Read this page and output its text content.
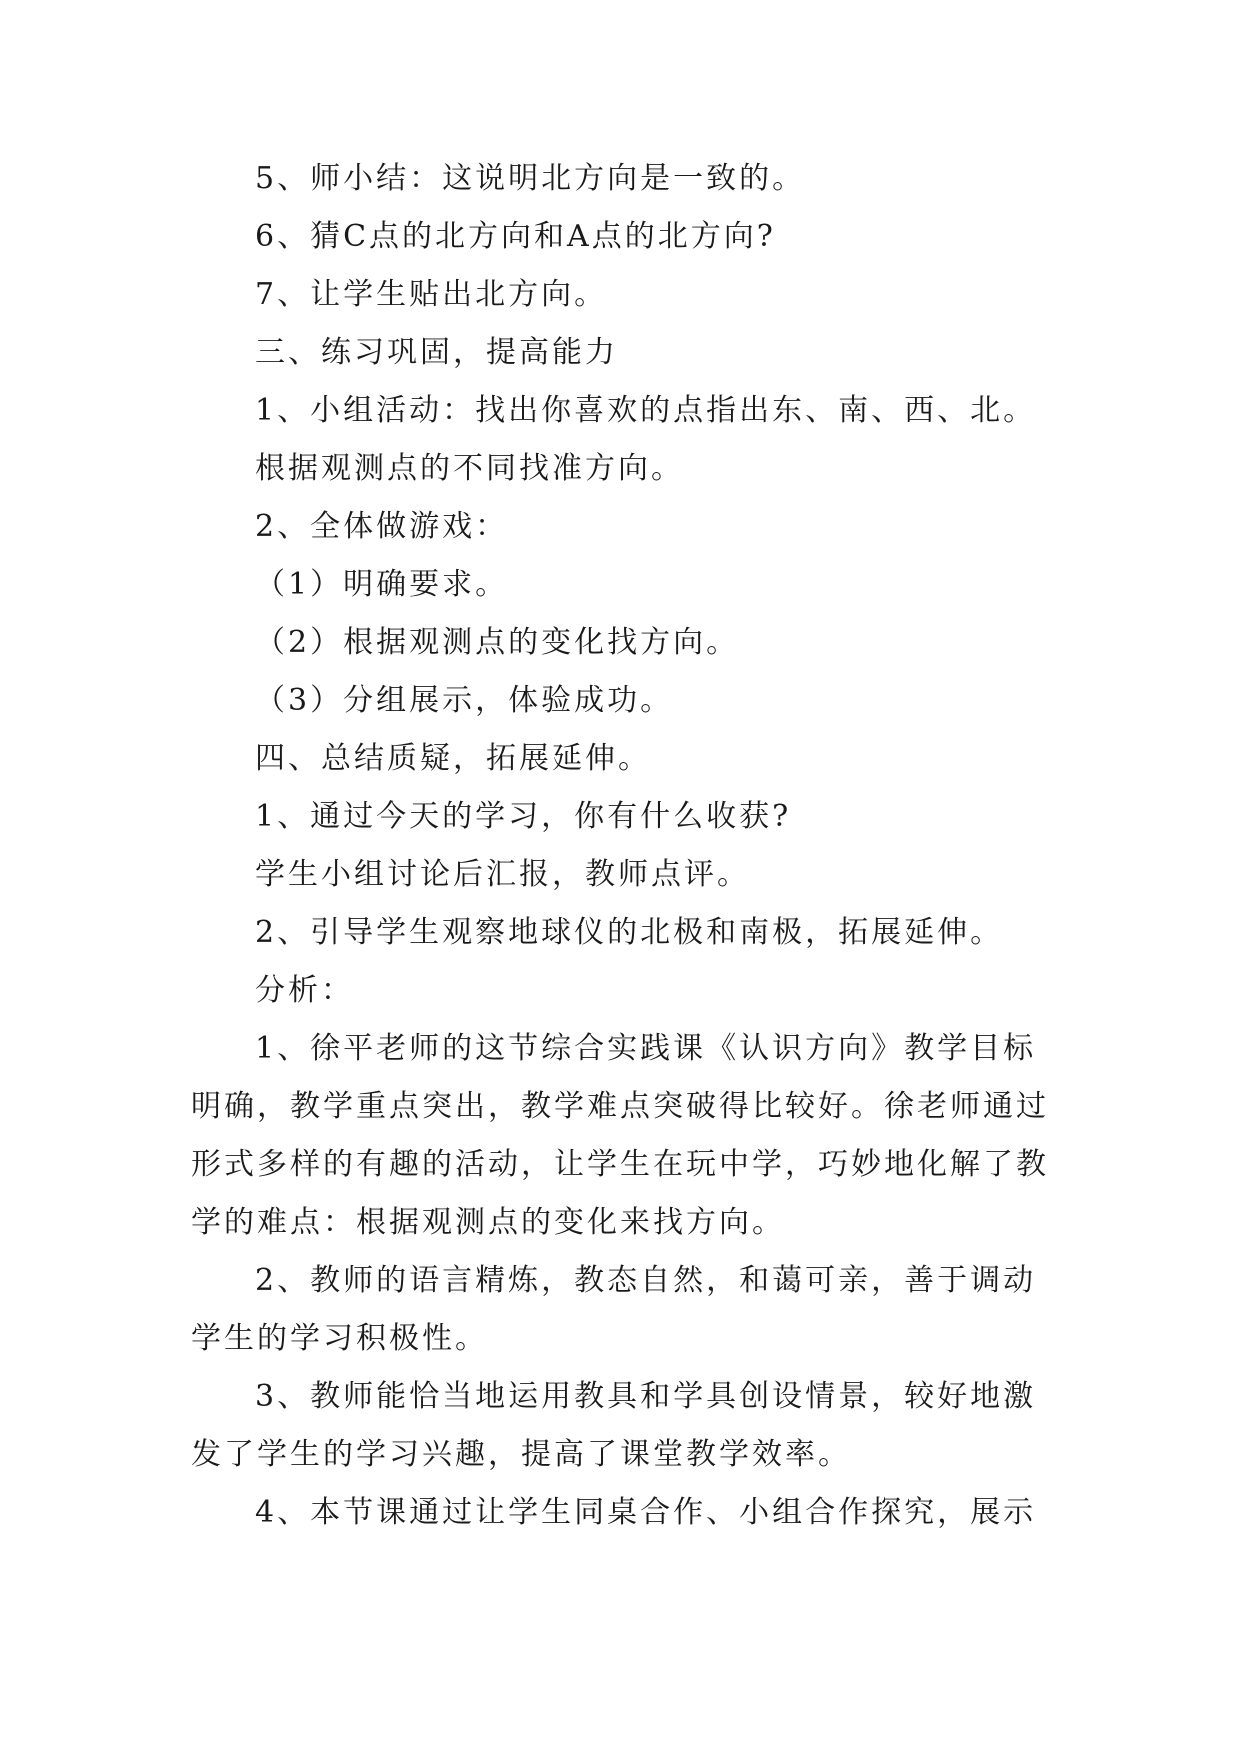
5、师小结：这说明北方向是一致的。
6、猜C点的北方向和A点的北方向?
7、让学生贴出北方向。
三、练习巩固，提高能力
1、小组活动：找出你喜欢的点指出东、南、西、北。
根据观测点的不同找准方向。
2、全体做游戏：
（1）明确要求。
（2）根据观测点的变化找方向。
（3）分组展示，体验成功。
四、总结质疑，拓展延伸。
1、通过今天的学习，你有什么收获?
学生小组讨论后汇报，教师点评。
2、引导学生观察地球仪的北极和南极，拓展延伸。
分析：
1、徐平老师的这节综合实践课《认识方向》教学目标
明确，教学重点突出，教学难点突破得比较好。徐老师通过
形式多样的有趣的活动，让学生在玩中学，巧妙地化解了教
学的难点：根据观测点的变化来找方向。
2、教师的语言精炼，教态自然，和蔼可亲，善于调动
学生的学习积极性。
3、教师能恰当地运用教具和学具创设情景，较好地激
发了学生的学习兴趣，提高了课堂教学效率。
4、本节课通过让学生同桌合作、小组合作探究，展示
